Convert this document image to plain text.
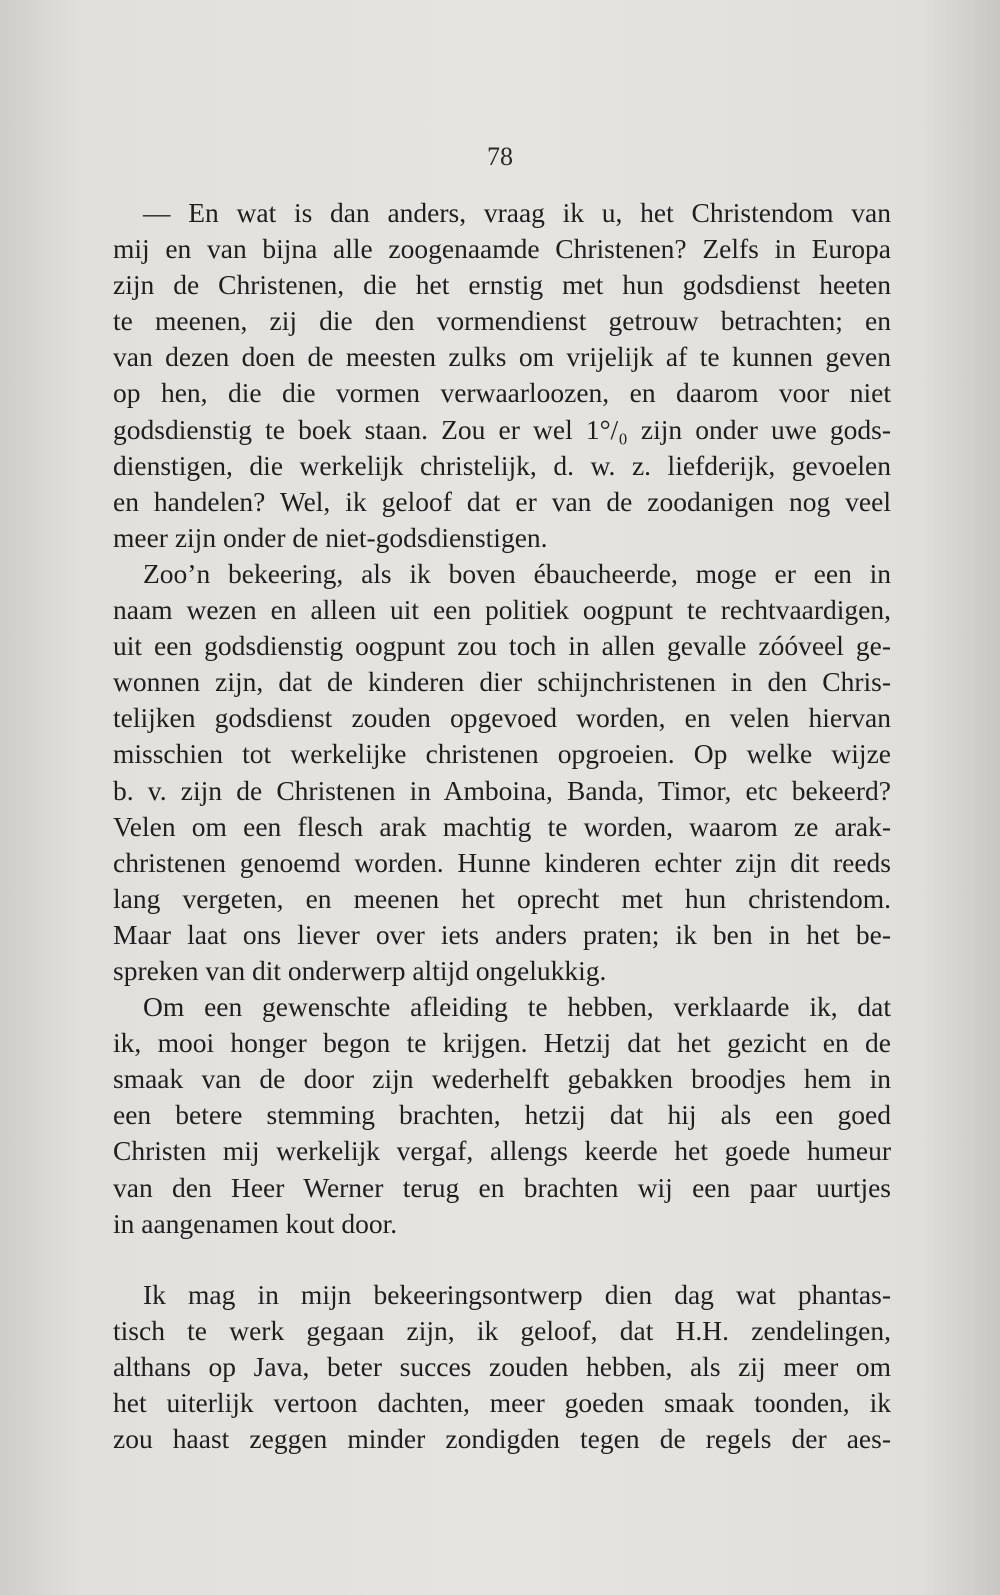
78
— En wat is dan anders, vraag ik u, het Christendom van
mij en van bijna alle zoogenaamde Christenen? Zelfs in Europa
zijn de Christenen, die het ernstig met hun godsdienst heeten
te meenen, zij die den vormendienst getrouw betrachten; en
van dezen doen de meesten zulks om vrijelijk af te kunnen geven
op hen, die die vormen verwaarloozen, en daarom voor niet
godsdienstig te boek staan. Zou er wel 1°/₀ zijn onder uwe gods-
dienstigen, die werkelijk christelijk, d. w. z. liefderijk, gevoelen
en handelen? Wel, ik geloof dat er van de zoodanigen nog veel
meer zijn onder de niet-godsdienstigen.
Zoo’n bekeering, als ik boven ébaucheerde, moge er een in
naam wezen en alleen uit een politiek oogpunt te rechtvaardigen,
uit een godsdienstig oogpunt zou toch in allen gevalle zóóveel ge-
wonnen zijn, dat de kinderen dier schijnchristenen in den Chris-
telijken godsdienst zouden opgevoed worden, en velen hiervan
misschien tot werkelijke christenen opgroeien. Op welke wijze
b. v. zijn de Christenen in Amboina, Banda, Timor, etc bekeerd?
Velen om een flesch arak machtig te worden, waarom ze arak-
christenen genoemd worden. Hunne kinderen echter zijn dit reeds
lang vergeten, en meenen het oprecht met hun christendom.
Maar laat ons liever over iets anders praten; ik ben in het be-
spreken van dit onderwerp altijd ongelukkig.
Om een gewenschte afleiding te hebben, verklaarde ik, dat
ik, mooi honger begon te krijgen. Hetzij dat het gezicht en de
smaak van de door zijn wederhelft gebakken broodjes hem in
een betere stemming brachten, hetzij dat hij als een goed
Christen mij werkelijk vergaf, allengs keerde het goede humeur
van den Heer Werner terug en brachten wij een paar uurtjes
in aangenamen kout door.
Ik mag in mijn bekeeringsontwerp dien dag wat phantas-
tisch te werk gegaan zijn, ik geloof, dat H.H. zendelingen,
althans op Java, beter succes zouden hebben, als zij meer om
het uiterlijk vertoon dachten, meer goeden smaak toonden, ik
zou haast zeggen minder zondigden tegen de regels der aes-
